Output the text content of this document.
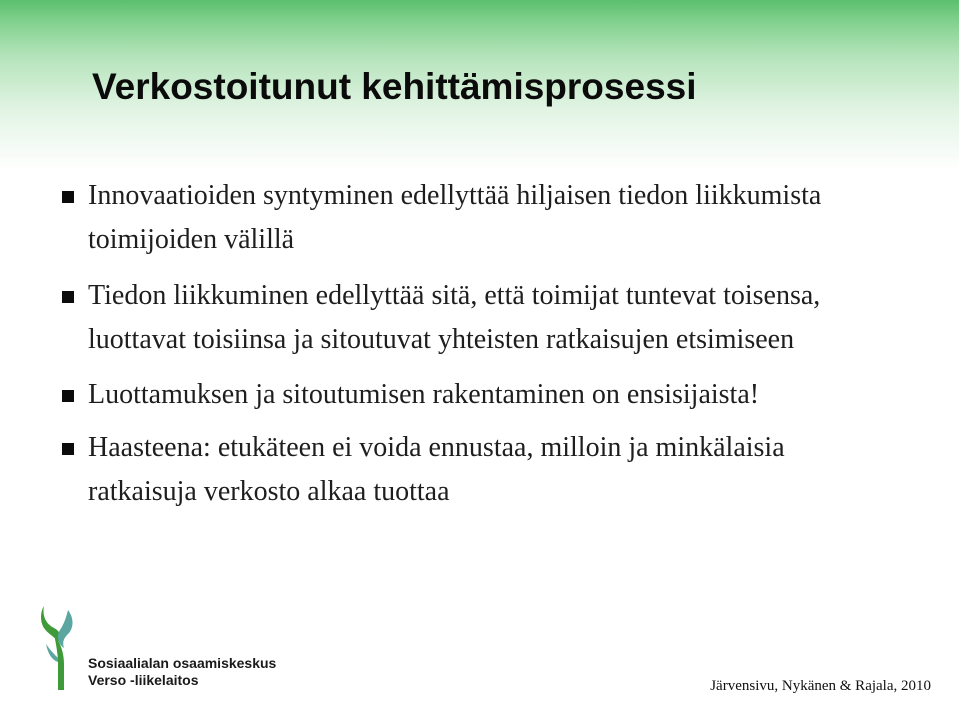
Verkostoitunut kehittämisprosessi
Innovaatioiden syntyminen edellyttää hiljaisen tiedon liikkumista toimijoiden välillä
Tiedon liikkuminen edellyttää sitä, että toimijat tuntevat toisensa, luottavat toisiinsa ja sitoutuvat yhteisten ratkaisujen etsimiseen
Luottamuksen ja sitoutumisen rakentaminen on ensisijaista!
Haasteena: etukäteen ei voida ennustaa, milloin ja minkälaisia ratkaisuja verkosto alkaa tuottaa
Sosiaalialan osaamiskeskus
Verso -liikelaitos	Järvensivu, Nykänen & Rajala, 2010
